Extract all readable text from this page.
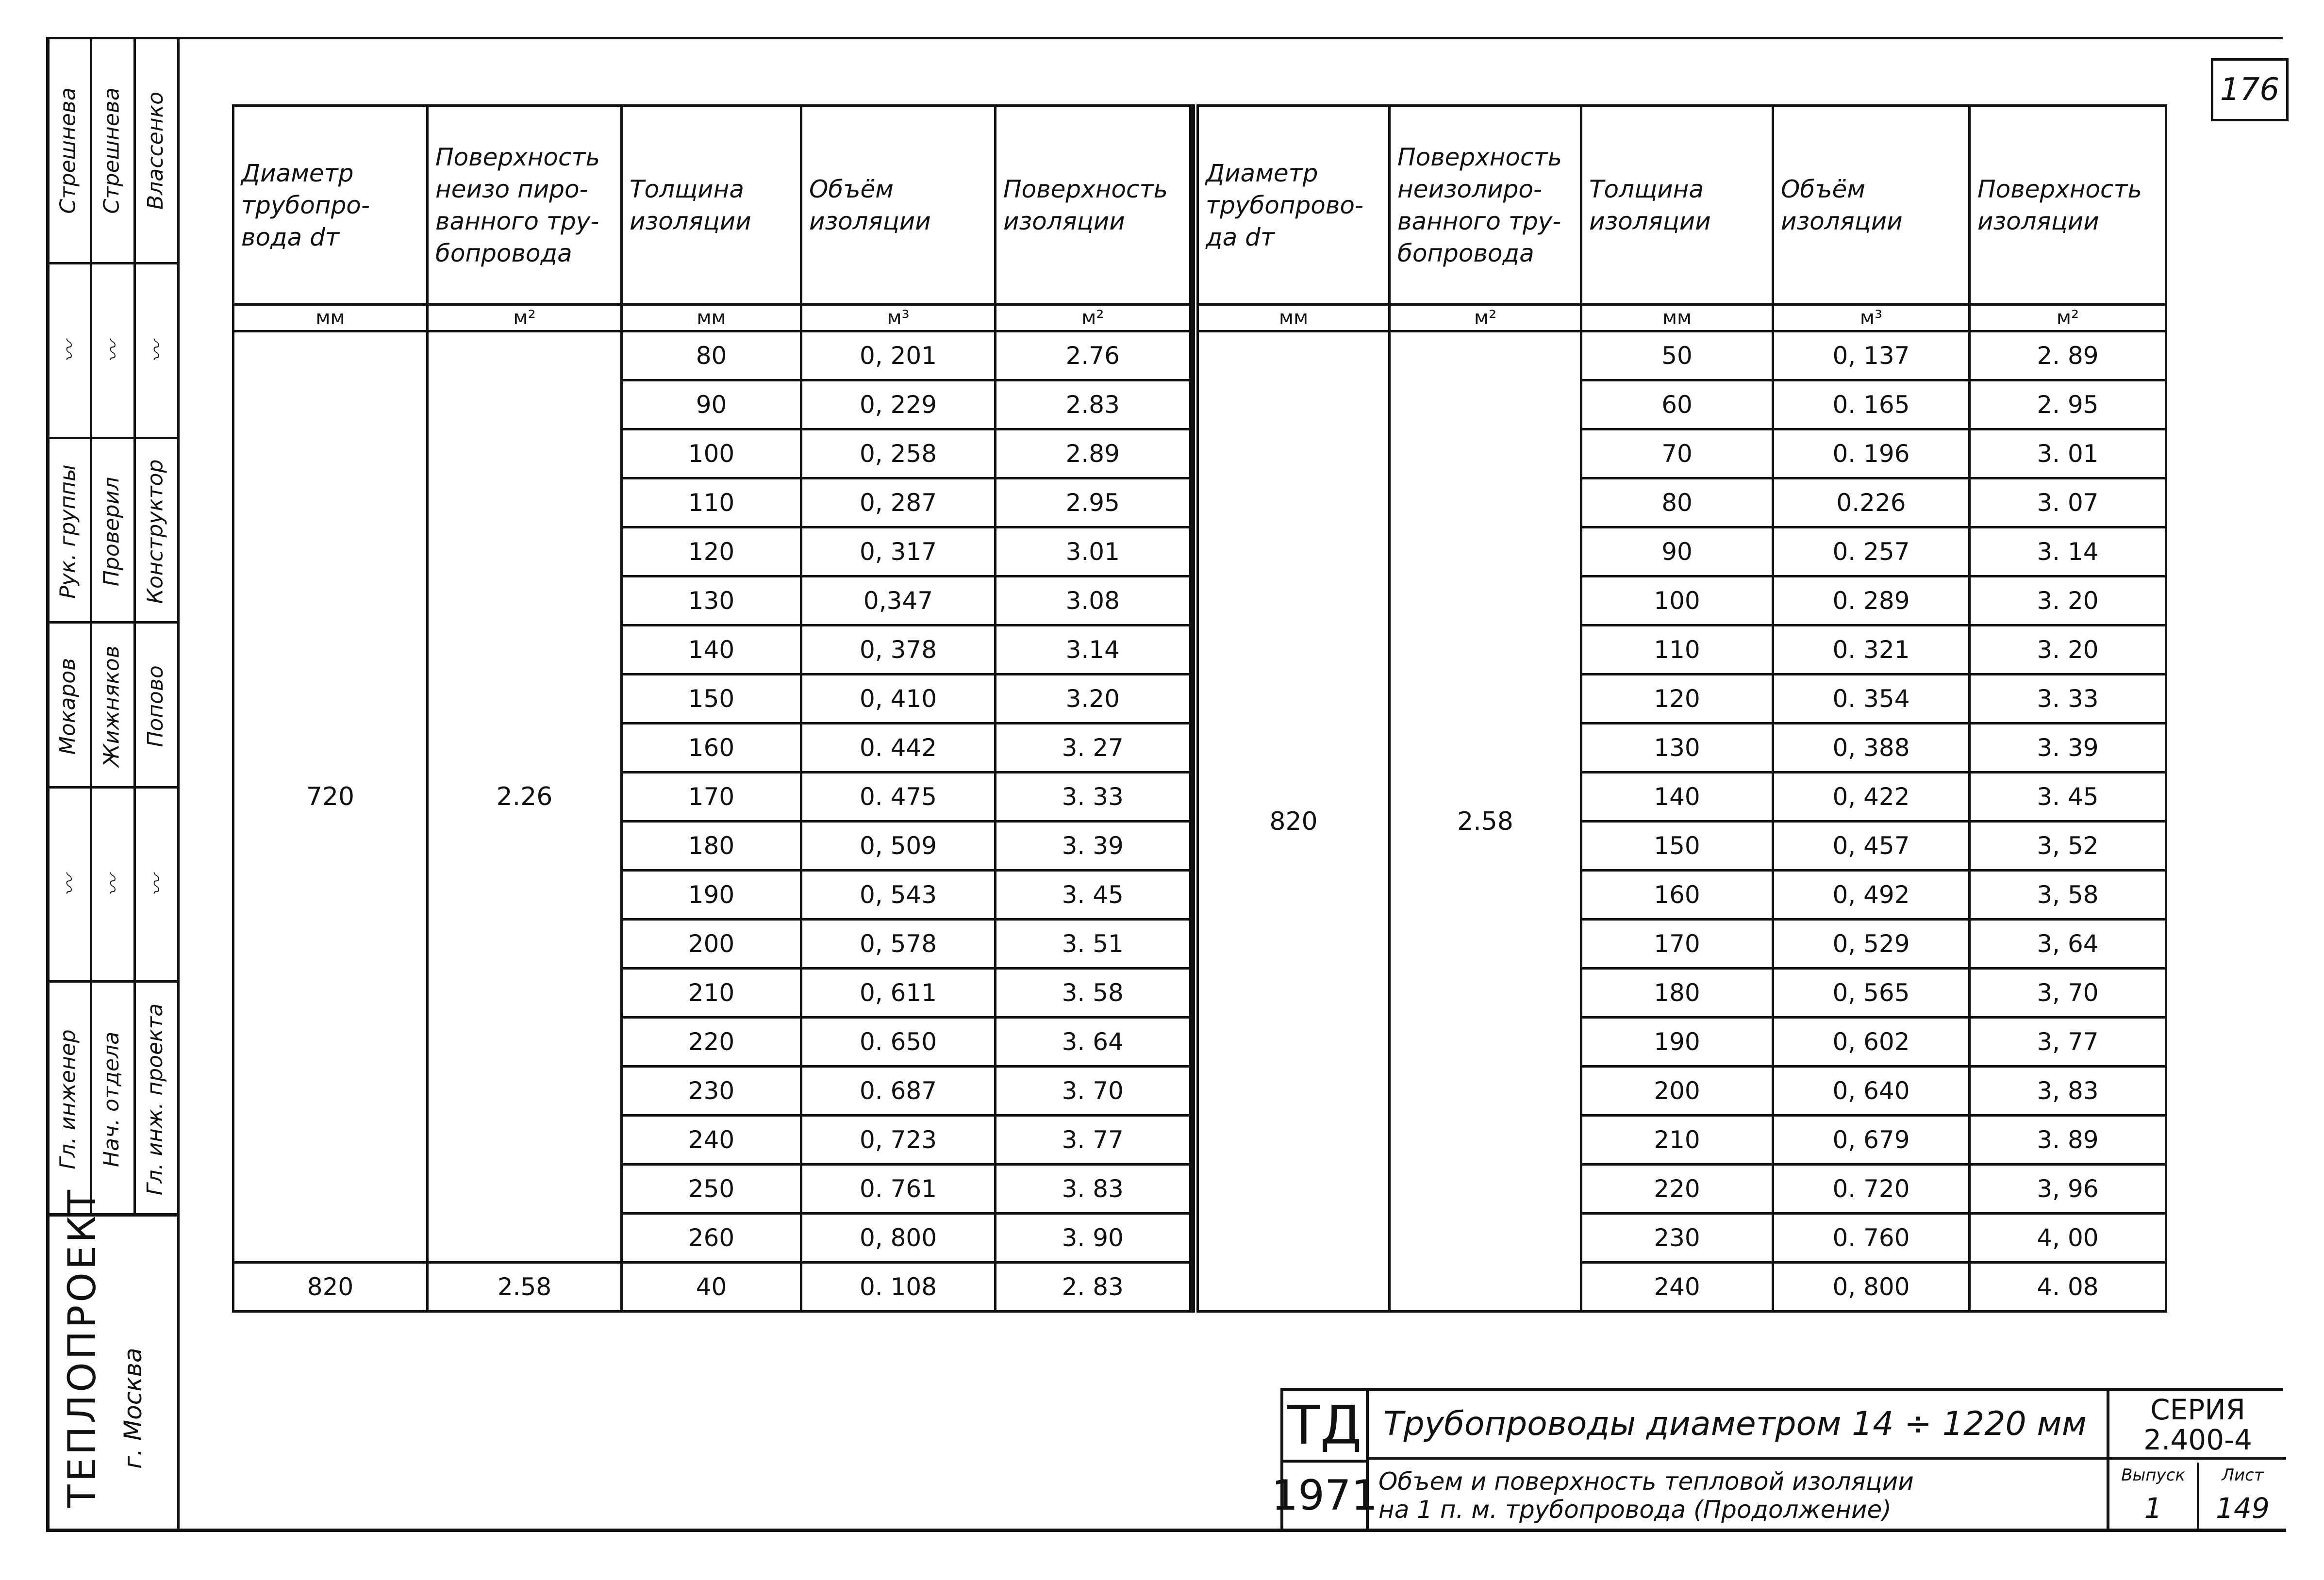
176
Гл. инженер
〰
Мокаров
Рук. группы
〰
Стрешнева
Нач. отдела
〰
Жижняков
Проверил
〰
Стрешнева
Гл. инж. проекта
〰
Попово
Конструктор
〰
Влассенко
ТЕПЛОПРОЕКТ г. Москва
Диаметр трубопро- вода dт	Поверхность неизо пиро- ванного тру- бопровода	Толщина изоляции	Объём изоляции	Поверхность изоляции
мм	м²	мм	м³	м²
720	2.26	80	0, 201	2.76
		90	0, 229	2.83
		100	0, 258	2.89
		110	0, 287	2.95
		120	0, 317	3.01
		130	0,347	3.08
		140	0, 378	3.14
		150	0, 410	3.20
		160	0. 442	3. 27
		170	0. 475	3. 33
		180	0, 509	3. 39
		190	0, 543	3. 45
		200	0, 578	3. 51
		210	0, 611	3. 58
		220	0. 650	3. 64
		230	0. 687	3. 70
		240	0, 723	3. 77
		250	0. 761	3. 83
		260	0, 800	3. 90
820	2.58	40	0. 108	2. 83
Диаметр трубопрово- да dт	Поверхность неизолиро- ванного тру- бопровода	Толщина изоляции	Объём изоляции	Поверхность изоляции
мм	м²	мм	м³	м²
820	2.58	50	0, 137	2. 89
		60	0. 165	2. 95
		70	0. 196	3. 01
		80	0.226	3. 07
		90	0. 257	3. 14
		100	0. 289	3. 20
		110	0. 321	3. 20
		120	0. 354	3. 33
		130	0, 388	3. 39
		140	0, 422	3. 45
		150	0, 457	3, 52
		160	0, 492	3, 58
		170	0, 529	3, 64
		180	0, 565	3, 70
		190	0, 602	3, 77
		200	0, 640	3, 83
		210	0, 679	3. 89
		220	0. 720	3, 96
		230	0. 760	4, 00
		240	0, 800	4. 08
ТД
1971
Трубопроводы диаметром 14 ÷ 1220 мм
Объем и поверхность тепловой изоляции
на 1 п. м. трубопровода (Продолжение)
СЕРИЯ
2.400-4
Выпуск
1
Лист
149
